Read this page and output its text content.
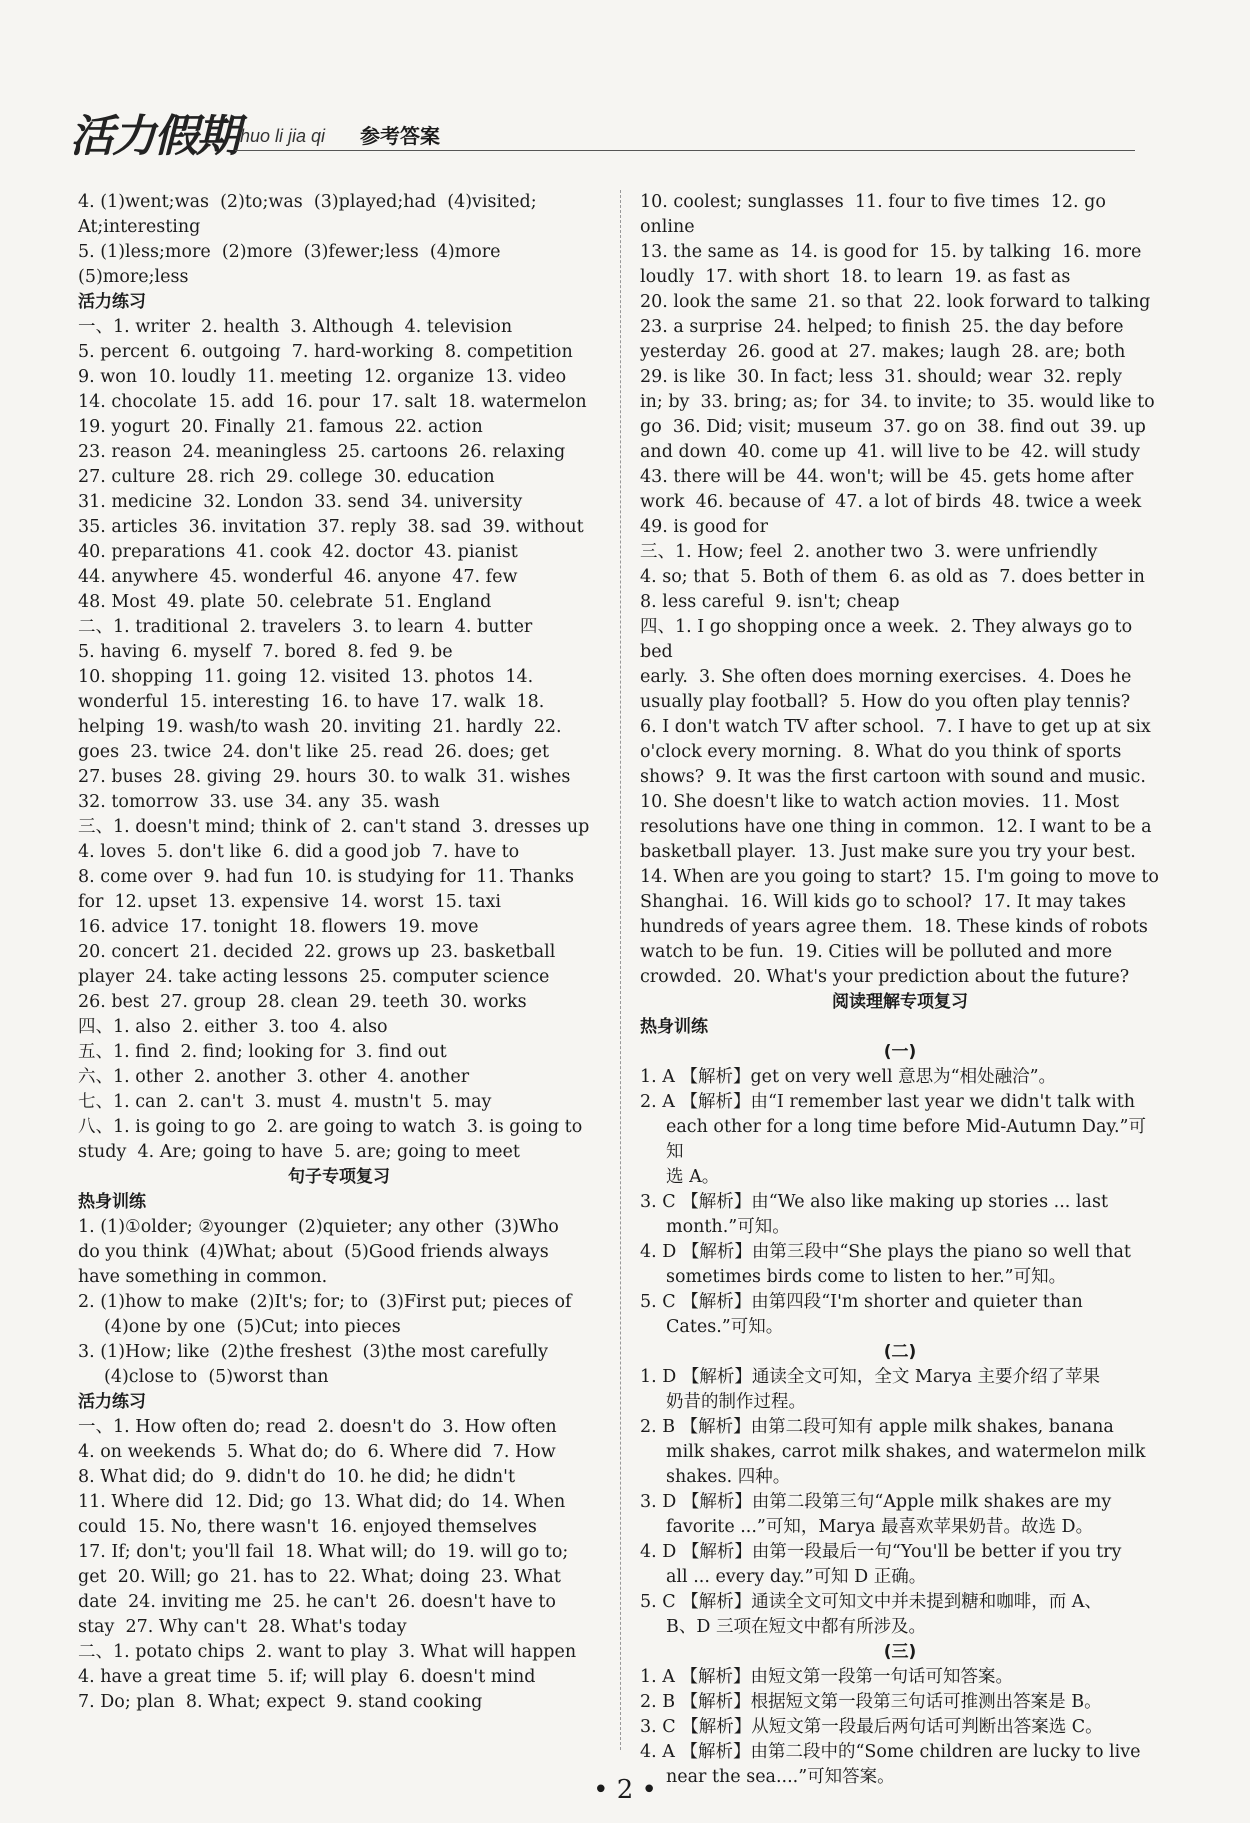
活力假期 huo li jia qi 参考答案
4. (1)went;was  (2)to;was  (3)played;had  (4)visited;
At;interesting
5. (1)less;more  (2)more  (3)fewer;less  (4)more
(5)more;less
活力练习
一、1. writer  2. health  3. Although  4. television
5. percent  6. outgoing  7. hard-working  8. competition
9. won  10. loudly  11. meeting  12. organize  13. video
14. chocolate  15. add  16. pour  17. salt  18. watermelon
19. yogurt  20. Finally  21. famous  22. action
23. reason  24. meaningless  25. cartoons  26. relaxing
27. culture  28. rich  29. college  30. education
31. medicine  32. London  33. send  34. university
35. articles  36. invitation  37. reply  38. sad  39. without
40. preparations  41. cook  42. doctor  43. pianist
44. anywhere  45. wonderful  46. anyone  47. few
48. Most  49. plate  50. celebrate  51. England
二、1. traditional  2. travelers  3. to learn  4. butter
5. having  6. myself  7. bored  8. fed  9. be
10. shopping  11. going  12. visited  13. photos  14.
wonderful  15. interesting  16. to have  17. walk  18.
helping  19. wash/to wash  20. inviting  21. hardly  22.
goes  23. twice  24. don't like  25. read  26. does; get
27. buses  28. giving  29. hours  30. to walk  31. wishes
32. tomorrow  33. use  34. any  35. wash
三、1. doesn't mind; think of  2. can't stand  3. dresses up
4. loves  5. don't like  6. did a good job  7. have to
8. come over  9. had fun  10. is studying for  11. Thanks
for  12. upset  13. expensive  14. worst  15. taxi
16. advice  17. tonight  18. flowers  19. move
20. concert  21. decided  22. grows up  23. basketball
player  24. take acting lessons  25. computer science
26. best  27. group  28. clean  29. teeth  30. works
四、1. also  2. either  3. too  4. also
五、1. find  2. find; looking for  3. find out
六、1. other  2. another  3. other  4. another
七、1. can  2. can't  3. must  4. mustn't  5. may
八、1. is going to go  2. are going to watch  3. is going to
study  4. Are; going to have  5. are; going to meet
句子专项复习
热身训练
1. (1)①older; ②younger  (2)quieter; any other  (3)Who
do you think  (4)What; about  (5)Good friends always
have something in common.
2. (1)how to make  (2)It's; for; to  (3)First put; pieces of
(4)one by one  (5)Cut; into pieces
3. (1)How; like  (2)the freshest  (3)the most carefully
(4)close to  (5)worst than
活力练习
一、1. How often do; read  2. doesn't do  3. How often
4. on weekends  5. What do; do  6. Where did  7. How
8. What did; do  9. didn't do  10. he did; he didn't
11. Where did  12. Did; go  13. What did; do  14. When
could  15. No, there wasn't  16. enjoyed themselves
17. If; don't; you'll fail  18. What will; do  19. will go to;
get  20. Will; go  21. has to  22. What; doing  23. What
date  24. inviting me  25. he can't  26. doesn't have to
stay  27. Why can't  28. What's today
二、1. potato chips  2. want to play  3. What will happen
4. have a great time  5. if; will play  6. doesn't mind
7. Do; plan  8. What; expect  9. stand cooking
10. coolest; sunglasses  11. four to five times  12. go online
13. the same as  14. is good for  15. by talking  16. more
loudly  17. with short  18. to learn  19. as fast as
20. look the same  21. so that  22. look forward to talking
23. a surprise  24. helped; to finish  25. the day before
yesterday  26. good at  27. makes; laugh  28. are; both
29. is like  30. In fact; less  31. should; wear  32. reply
in; by  33. bring; as; for  34. to invite; to  35. would like to
go  36. Did; visit; museum  37. go on  38. find out  39. up
and down  40. come up  41. will live to be  42. will study
43. there will be  44. won't; will be  45. gets home after
work  46. because of  47. a lot of birds  48. twice a week
49. is good for
三、1. How; feel  2. another two  3. were unfriendly
4. so; that  5. Both of them  6. as old as  7. does better in
8. less careful  9. isn't; cheap
四、1. I go shopping once a week.  2. They always go to bed
early.  3. She often does morning exercises.  4. Does he
usually play football?  5. How do you often play tennis?
6. I don't watch TV after school.  7. I have to get up at six
o'clock every morning.  8. What do you think of sports
shows?  9. It was the first cartoon with sound and music.
10. She doesn't like to watch action movies.  11. Most
resolutions have one thing in common.  12. I want to be a
basketball player.  13. Just make sure you try your best.
14. When are you going to start?  15. I'm going to move to
Shanghai.  16. Will kids go to school?  17. It may takes
hundreds of years agree them.  18. These kinds of robots
watch to be fun.  19. Cities will be polluted and more
crowded.  20. What's your prediction about the future?
阅读理解专项复习
热身训练
(一)
1. A 【解析】get on very well 意思为“相处融洽”。
2. A 【解析】由“I remember last year we didn't talk with
each other for a long time before Mid-Autumn Day.”可知
选 A。
3. C 【解析】由“We also like making up stories ... last
month.”可知。
4. D 【解析】由第三段中“She plays the piano so well that
sometimes birds come to listen to her.”可知。
5. C 【解析】由第四段“I'm shorter and quieter than
Cates.”可知。
(二)
1. D 【解析】通读全文可知，全文 Marya 主要介绍了苹果
奶昔的制作过程。
2. B 【解析】由第二段可知有 apple milk shakes, banana
milk shakes, carrot milk shakes, and watermelon milk
shakes. 四种。
3. D 【解析】由第二段第三句“Apple milk shakes are my
favorite ...”可知，Marya 最喜欢苹果奶昔。故选 D。
4. D 【解析】由第一段最后一句“You'll be better if you try
all ... every day.”可知 D 正确。
5. C 【解析】通读全文可知文中并未提到糖和咖啡，而 A、
B、D 三项在短文中都有所涉及。
(三)
1. A 【解析】由短文第一段第一句话可知答案。
2. B 【解析】根据短文第一段第三句话可推测出答案是 B。
3. C 【解析】从短文第一段最后两句话可判断出答案选 C。
4. A 【解析】由第二段中的“Some children are lucky to live
near the sea....”可知答案。
• 2 •
